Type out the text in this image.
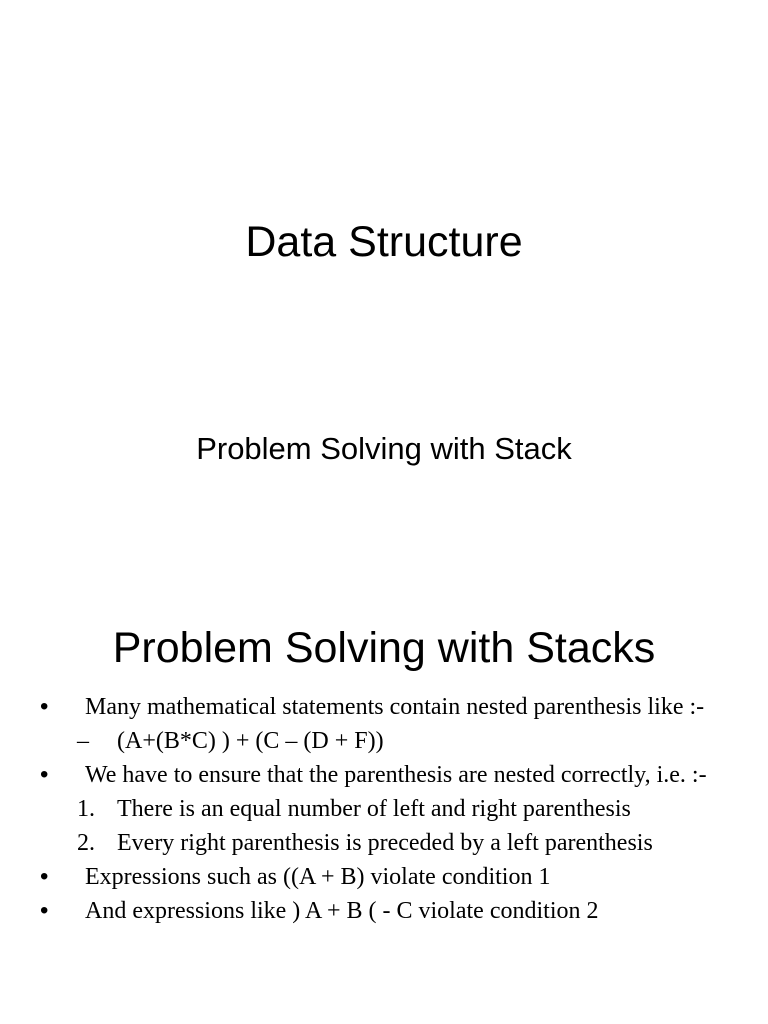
Data Structure
Problem Solving with Stack
Problem Solving with Stacks
• Many mathematical statements contain nested parenthesis like :-
– (A+(B*C) ) + (C – (D + F))
• We have to ensure that the parenthesis are nested correctly, i.e. :-
1. There is an equal number of left and right parenthesis
2. Every right parenthesis is preceded by a left parenthesis
• Expressions such as ((A + B) violate condition 1
• And expressions like ) A + B ( - C violate condition 2
